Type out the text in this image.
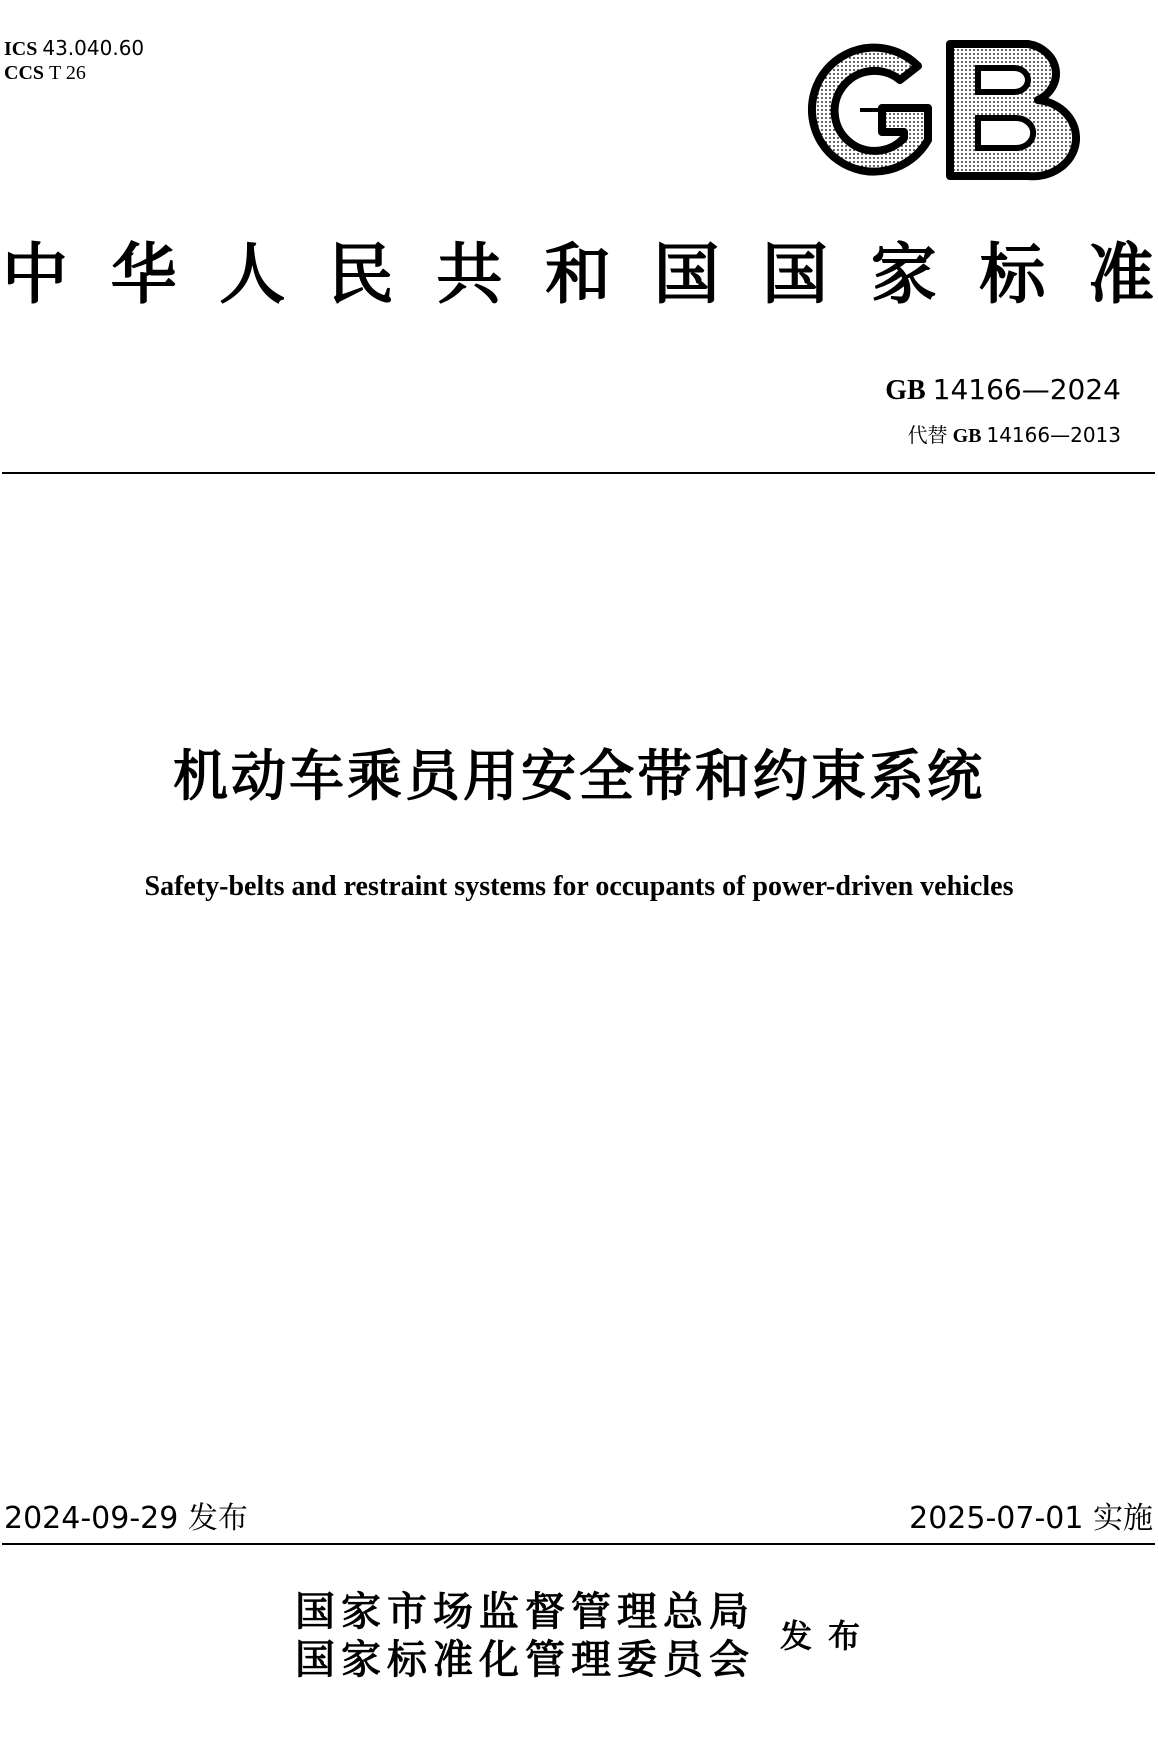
ICS 43.040.60
CCS T 26
中 华 人 民 共 和 国 国 家 标 准
GB 14166—2024
代替 GB 14166—2013
机动车乘员用安全带和约束系统
Safety-belts and restraint systems for occupants of power-driven vehicles
2024-09-29 发布	2025-07-01 实施
国家市场监督管理总局
国家标准化管理委员会
发布
